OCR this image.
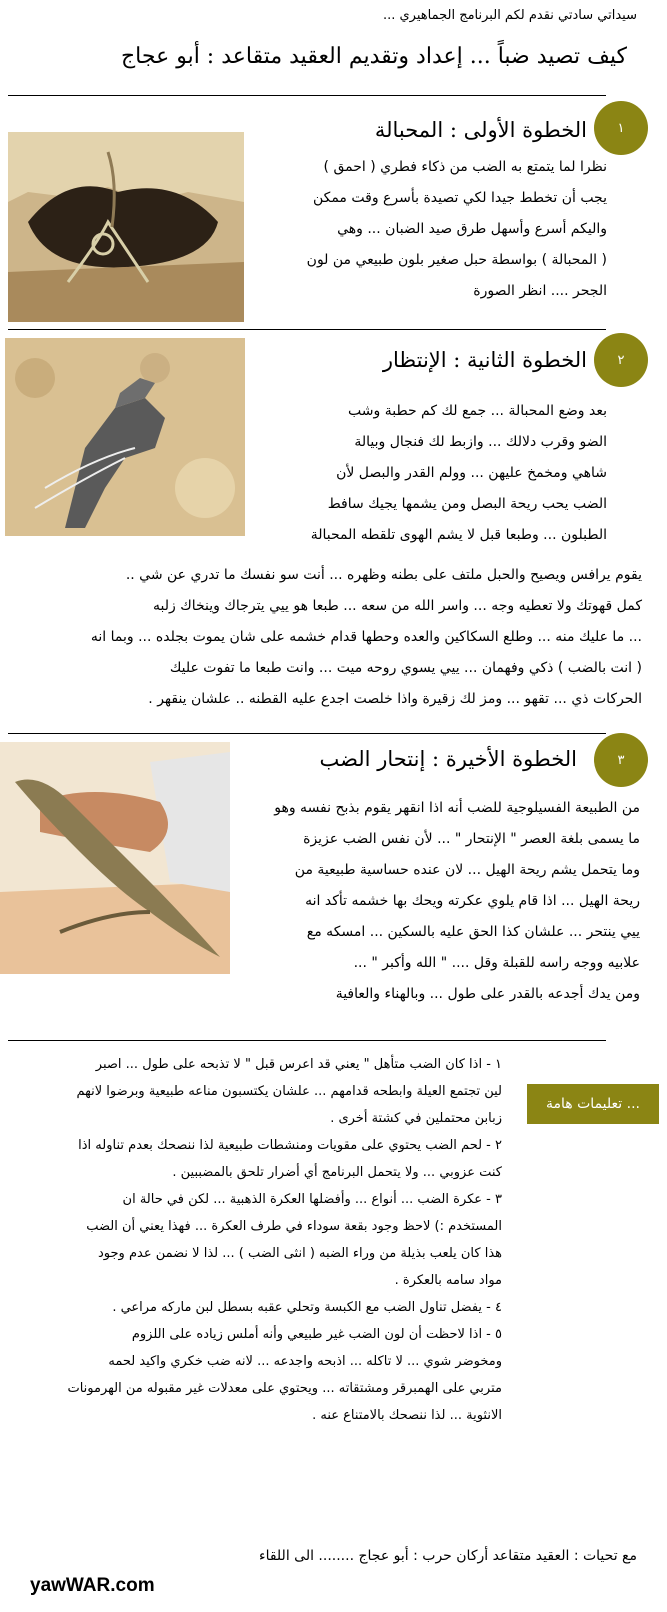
سيداتي سادتي نقدم لكم البرنامج الجماهيري ...
كيف تصيد ضباً ... إعداد وتقديم العقيد متقاعد : أبو عجاج
١
الخطوة الأولى : المحبالة

نظرا لما يتمتع به الضب من ذكاء فطري ( احمق )

يجب أن تخطط جيدا لكي تصيدة بأسرع وقت ممكن

واليكم أسرع وأسهل طرق صيد الضبان ... وهي

( المحبالة ) بواسطة حبل صغير بلون طبيعي من لون

الجحر .... انظر الصورة

٢
الخطوة الثانية : الإنتظار

بعد وضع المحبالة ... جمع لك كم حطبة وشب

الضو وقرب دلالك ... وازبط لك فنجال وبيالة

شاهي ومخمخ عليهن ... وولم القدر والبصل لأن

الضب يحب ريحة البصل ومن يشمها يجيك سافط

الطبلون ... وطبعا قبل لا يشم الهوى تلقطه المحبالة

يقوم يرافس ويصيح والحبل ملتف على بطنه وظهره ... أنت سو نفسك ما تدري عن شي ..

كمل قهوتك ولا تعطيه وجه ... واسر الله من سعه ... طبعا هو ييي يترجاك وينخاك زلبه

... ما عليك منه ... وطلع السكاكين والعده وحطها قدام خشمه على شان يموت بجلده ... وبما انه

( انت بالضب ) ذكي وفهمان ... ييي يسوي روحه ميت ... وانت طبعا ما تفوت عليك

الحركات ذي ... تقهو ... ومز لك زقيرة واذا خلصت اجدع عليه القطنه .. علشان ينقهر .

٣
الخطوة الأخيرة : إنتحار الضب

من الطبيعة الفسيلوجية للضب أنه اذا انقهر يقوم بذبح نفسه وهو

ما يسمى بلغة العصر " الإنتحار " ... لأن نفس الضب عزيزة

وما يتحمل يشم ريحة الهيل ... لان عنده حساسية طبيعية من

ريحة الهيل ... اذا قام يلوي عكرته ويحك بها خشمه تأكد انه

ييي ينتحر ... علشان كذا الحق عليه بالسكين ... امسكه مع

علابيه ووجه راسه للقبلة وقل .... " الله وأكبر " ...

ومن يدك أجدعه بالقدر على طول ... وبالهناء والعافية

تعليمات هامة ...

١ - اذا كان الضب متأهل " يعني قد اعرس قبل " لا تذبحه على طول ... اصبر

لين تجتمع العيلة وابطحه قدامهم ... علشان يكتسبون مناعه طبيعية وبرضوا لانهم

زبابن محتملين في كشتة أخرى .

٢ - لحم الضب يحتوي على مقويات ومنشطات طبيعية لذا ننصحك بعدم تناوله اذا

كنت عزوبي ... ولا يتحمل البرنامج أي أضرار تلحق بالمضببين .

٣ - عكرة الضب ... أنواع ... وأفضلها العكرة الذهبية ... لكن في حالة ان

المستخدم :) لاحظ وجود بقعة سوداء في طرف العكرة ... فهذا يعني أن الضب

هذا كان يلعب بذيلة من وراء الضبه ( انثى الضب ) ... لذا لا نضمن عدم وجود

مواد سامه بالعكرة .

٤ - يفضل تناول الضب مع الكبسة وتحلي عقبه بسطل لبن ماركه مراعي .

٥ - اذا لاحظت أن لون الضب غير طبيعي وأنه أملس زياده على اللزوم

ومخوضر شوي ... لا تاكله ... اذبحه واجدعه ... لانه ضب خكري واكيد لحمه

متربي على الهمبرقر ومشتقاته ... ويحتوي على معدلات غير مقبوله من الهرمونات

الانثوية ... لذا ننصحك بالامتناع عنه .

مع تحيات : العقيد متقاعد أركان حرب : أبو عجاج ........ الى اللقاء
yawWAR.com
